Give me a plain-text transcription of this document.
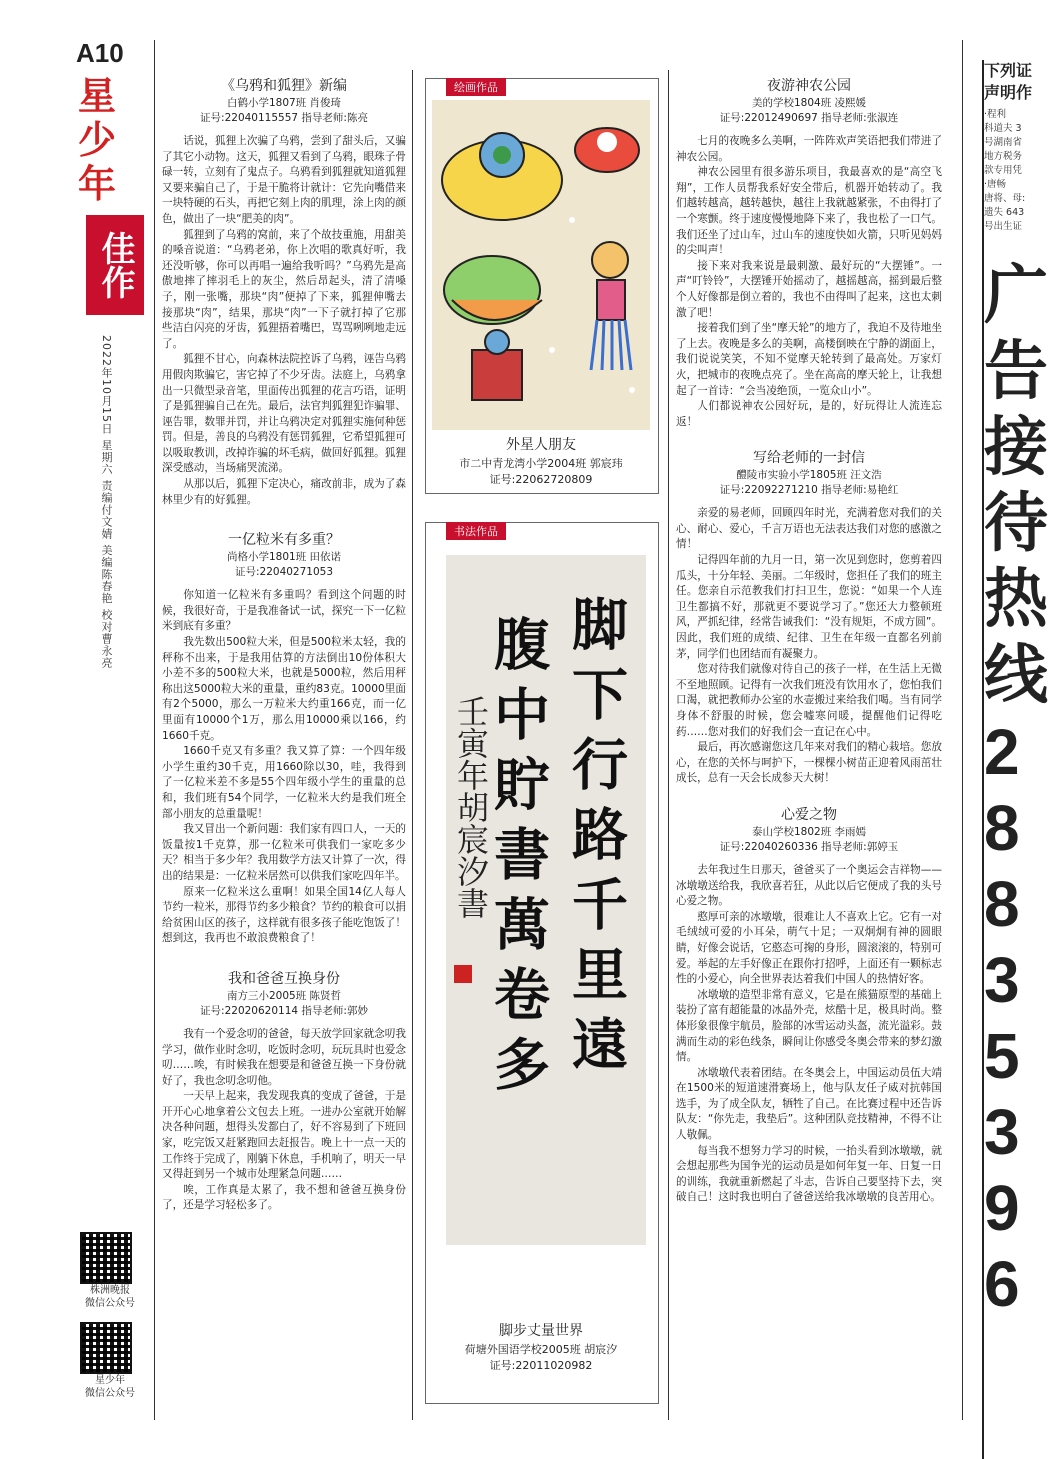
A10
星少年
佳作
2022年10月15日 星期六 责编付文婧 美编陈春艳 校对曹永亮
株洲晚报
微信公众号
星少年
微信公众号
《乌鸦和狐狸》新编
白鹤小学1807班 肖俊琦
证号:22040115557 指导老师:陈亮

话说，狐狸上次骗了乌鸦，尝到了甜头后，又骗了其它小动物。这天，狐狸又看到了乌鸦，眼珠子骨碌一转，立刻有了鬼点子。乌鸦看到狐狸就知道狐狸又要来骗自己了，于是干脆将计就计：它先向嘴借来一块特硬的石头，再把它刻上肉的肌理，涂上肉的颜色，做出了一块“肥美的肉”。

狐狸到了乌鸦的窝前，来了个故技重施，用甜美的嗓音说道：“乌鸦老弟，你上次唱的歌真好听，我还没听够，你可以再唱一遍给我听吗？”乌鸦先是高傲地摔了摔羽毛上的灰尘，然后昂起头，清了清嗓子，刚一张嘴，那块“肉”便掉了下来，狐狸伸嘴去接那块“肉”，结果，那块“肉”一下子就打掉了它那些洁白闪亮的牙齿，狐狸捂着嘴巴，骂骂咧咧地走远了。

狐狸不甘心，向森林法院控诉了乌鸦，诬告乌鸦用假肉欺骗它，害它掉了不少牙齿。法庭上，乌鸦拿出一只微型录音笔，里面传出狐狸的花言巧语，证明了是狐狸骗自己在先。最后，法官判狐狸犯诈骗罪、诬告罪，数罪并罚，并让乌鸦决定对狐狸实施何种惩罚。但是，善良的乌鸦没有惩罚狐狸，它希望狐狸可以吸取教训，改掉诈骗的坏毛病，做回好狐狸。狐狸深受感动，当场痛哭流涕。

从那以后，狐狸下定决心，痛改前非，成为了森林里少有的好狐狸。

一亿粒米有多重？
尚格小学1801班 田依诺
证号:22040271053

你知道一亿粒米有多重吗？看到这个问题的时候，我很好奇，于是我准备试一试，探究一下一亿粒米到底有多重？

我先数出500粒大米，但是500粒米太轻，我的秤称不出来，于是我用估算的方法倒出10份体积大小差不多的500粒大米，也就是5000粒，然后用秤称出这5000粒大米的重量，重约83克。10000里面有2个5000，那么一万粒米大约重166克，而一亿里面有10000个1万，那么用10000乘以166，约1660千克。

1660千克又有多重？我又算了算：一个四年级小学生重约30千克，用1660除以30，哇，我得到了一亿粒米差不多是55个四年级小学生的重量的总和，我们班有54个同学，一亿粒米大约是我们班全部小朋友的总重量呢！

我又冒出一个新问题：我们家有四口人，一天的饭量按1千克算，那一亿粒米可供我们一家吃多少天？相当于多少年？我用数学方法又计算了一次，得出的结果是：一亿粒米居然可以供我们家吃四年半。

原来一亿粒米这么重啊！如果全国14亿人每人节约一粒米，那得节约多少粮食？节约的粮食可以捐给贫困山区的孩子，这样就有很多孩子能吃饱饭了！想到这，我再也不敢浪费粮食了！

我和爸爸互换身份
南方三小2005班 陈贤哲
证号:22020620114 指导老师:郭妙

我有一个爱念叨的爸爸，每天放学回家就念叨我学习，做作业时念叨，吃饭时念叨，玩玩具时也爱念叨……唉，有时候我在想要是和爸爸互换一下身份就好了，我也念叨念叨他。

一天早上起来，我发现我真的变成了爸爸，于是开开心心地拿着公文包去上班。一进办公室就开始解决各种问题，想得头发都白了，好不容易到了下班回家，吃完饭又赶紧跑回去赶报告。晚上十一点一天的工作终于完成了，刚躺下休息，手机响了，明天一早又得赶到另一个城市处理紧急问题……

唉，工作真是太累了，我不想和爸爸互换身份了，还是学习轻松多了。

绘画作品
外星人朋友
市二中青龙湾小学2004班 郭宸玮
证号:22062720809
书法作品
脚下行路千里遠
腹中貯書萬卷多
壬寅年胡宸汐書
脚步丈量世界
荷塘外国语学校2005班 胡宸汐
证号:22011020982
夜游神农公园
美的学校1804班 凌熙媛
证号:22012490697 指导老师:张淑连

七月的夜晚多么美啊，一阵阵欢声笑语把我们带进了神农公园。

神农公园里有很多游乐项目，我最喜欢的是“高空飞翔”，工作人员帮我系好安全带后，机器开始转动了。我们越转越高，越转越快，越往上我就越紧张，不由得打了一个寒颤。终于速度慢慢地降下来了，我也松了一口气。我们还坐了过山车，过山车的速度快如火箭，只听见妈妈的尖叫声！

接下来对我来说是最刺激、最好玩的“大摆锤”。一声“叮铃铃”，大摆锤开始摇动了，越摇越高，摇到最后整个人好像都是倒立着的，我也不由得叫了起来，这也太刺激了吧！

接着我们到了坐“摩天轮”的地方了，我迫不及待地坐了上去。夜晚是多么的美啊，高楼倒映在宁静的湖面上，我们说说笑笑，不知不觉摩天轮转到了最高处。万家灯火，把城市的夜晚点亮了。坐在高高的摩天轮上，让我想起了一首诗：“会当凌绝顶，一览众山小”。

人们都说神农公园好玩，是的，好玩得让人流连忘返！

写给老师的一封信
醴陵市实验小学1805班 汪文浩
证号:22092271210 指导老师:易艳红

亲爱的易老师，回顾四年时光，充满着您对我们的关心、耐心、爱心，千言万语也无法表达我们对您的感激之情！

记得四年前的九月一日，第一次见到您时，您剪着四瓜头，十分年轻、美丽。二年级时，您担任了我们的班主任。您亲自示范教我们打扫卫生，您说：“如果一个人连卫生都搞不好，那就更不要说学习了。”您还大力整顿班风，严抓纪律，经常告诫我们：“没有规矩，不成方圆”。因此，我们班的成绩、纪律、卫生在年级一直都名列前茅，同学们也团结而有凝聚力。

您对待我们就像对待自己的孩子一样，在生活上无微不至地照顾。记得有一次我们班没有饮用水了，您怕我们口渴，就把教师办公室的水壶搬过来给我们喝。当有同学身体不舒服的时候，您会嘘寒问暖，提醒他们记得吃药……您对我们的好我们会一直记在心中。

最后，再次感谢您这几年来对我们的精心栽培。您放心，在您的关怀与呵护下，一棵棵小树苗正迎着风雨茁壮成长，总有一天会长成参天大树！

心爱之物
泰山学校1802班 李雨嫣
证号:22040260336 指导老师:郭婷玉

去年我过生日那天，爸爸买了一个奥运会吉祥物——冰墩墩送给我，我欣喜若狂，从此以后它便成了我的头号心爱之物。

憨厚可亲的冰墩墩，很难让人不喜欢上它。它有一对毛绒绒可爱的小耳朵，萌气十足；一双炯炯有神的圆眼睛，好像会说话，它憨态可掬的身形，圆滚滚的，特别可爱。举起的左手好像正在跟你打招呼，上面还有一颗标志性的小爱心，向全世界表达着我们中国人的热情好客。

冰墩墩的造型非常有意义，它是在熊猫原型的基础上装扮了富有超能量的冰晶外壳，炫酷十足，极具时尚。整体形象很像宇航员，脸部的冰雪运动头盔，流光溢彩。鼓满而生动的彩色线条，瞬间让你感受冬奥会带来的梦幻激情。

冰墩墩代表着团结。在冬奥会上，中国运动员伍大靖在1500米的短道速滑赛场上，他与队友任子威对抗韩国选手，为了成全队友，牺牲了自己。在比赛过程中还告诉队友：“你先走，我垫后”。这种团队竞技精神，不得不让人敬佩。

每当我不想努力学习的时候，一抬头看到冰墩墩，就会想起那些为国争光的运动员是如何年复一年、日复一日的训练，我就重新燃起了斗志，告诉自己要坚持下去，突破自己！这时我也明白了爸爸送给我冰墩墩的良苦用心。

下列证
声明作
·程利
科道夫 3
号湖南省
地方税务
款专用凭
·唐畅
唐将、母:
遗失 643
号出生证
广
告
接
待
热
线
2
8
8
3
5
3
9
6
